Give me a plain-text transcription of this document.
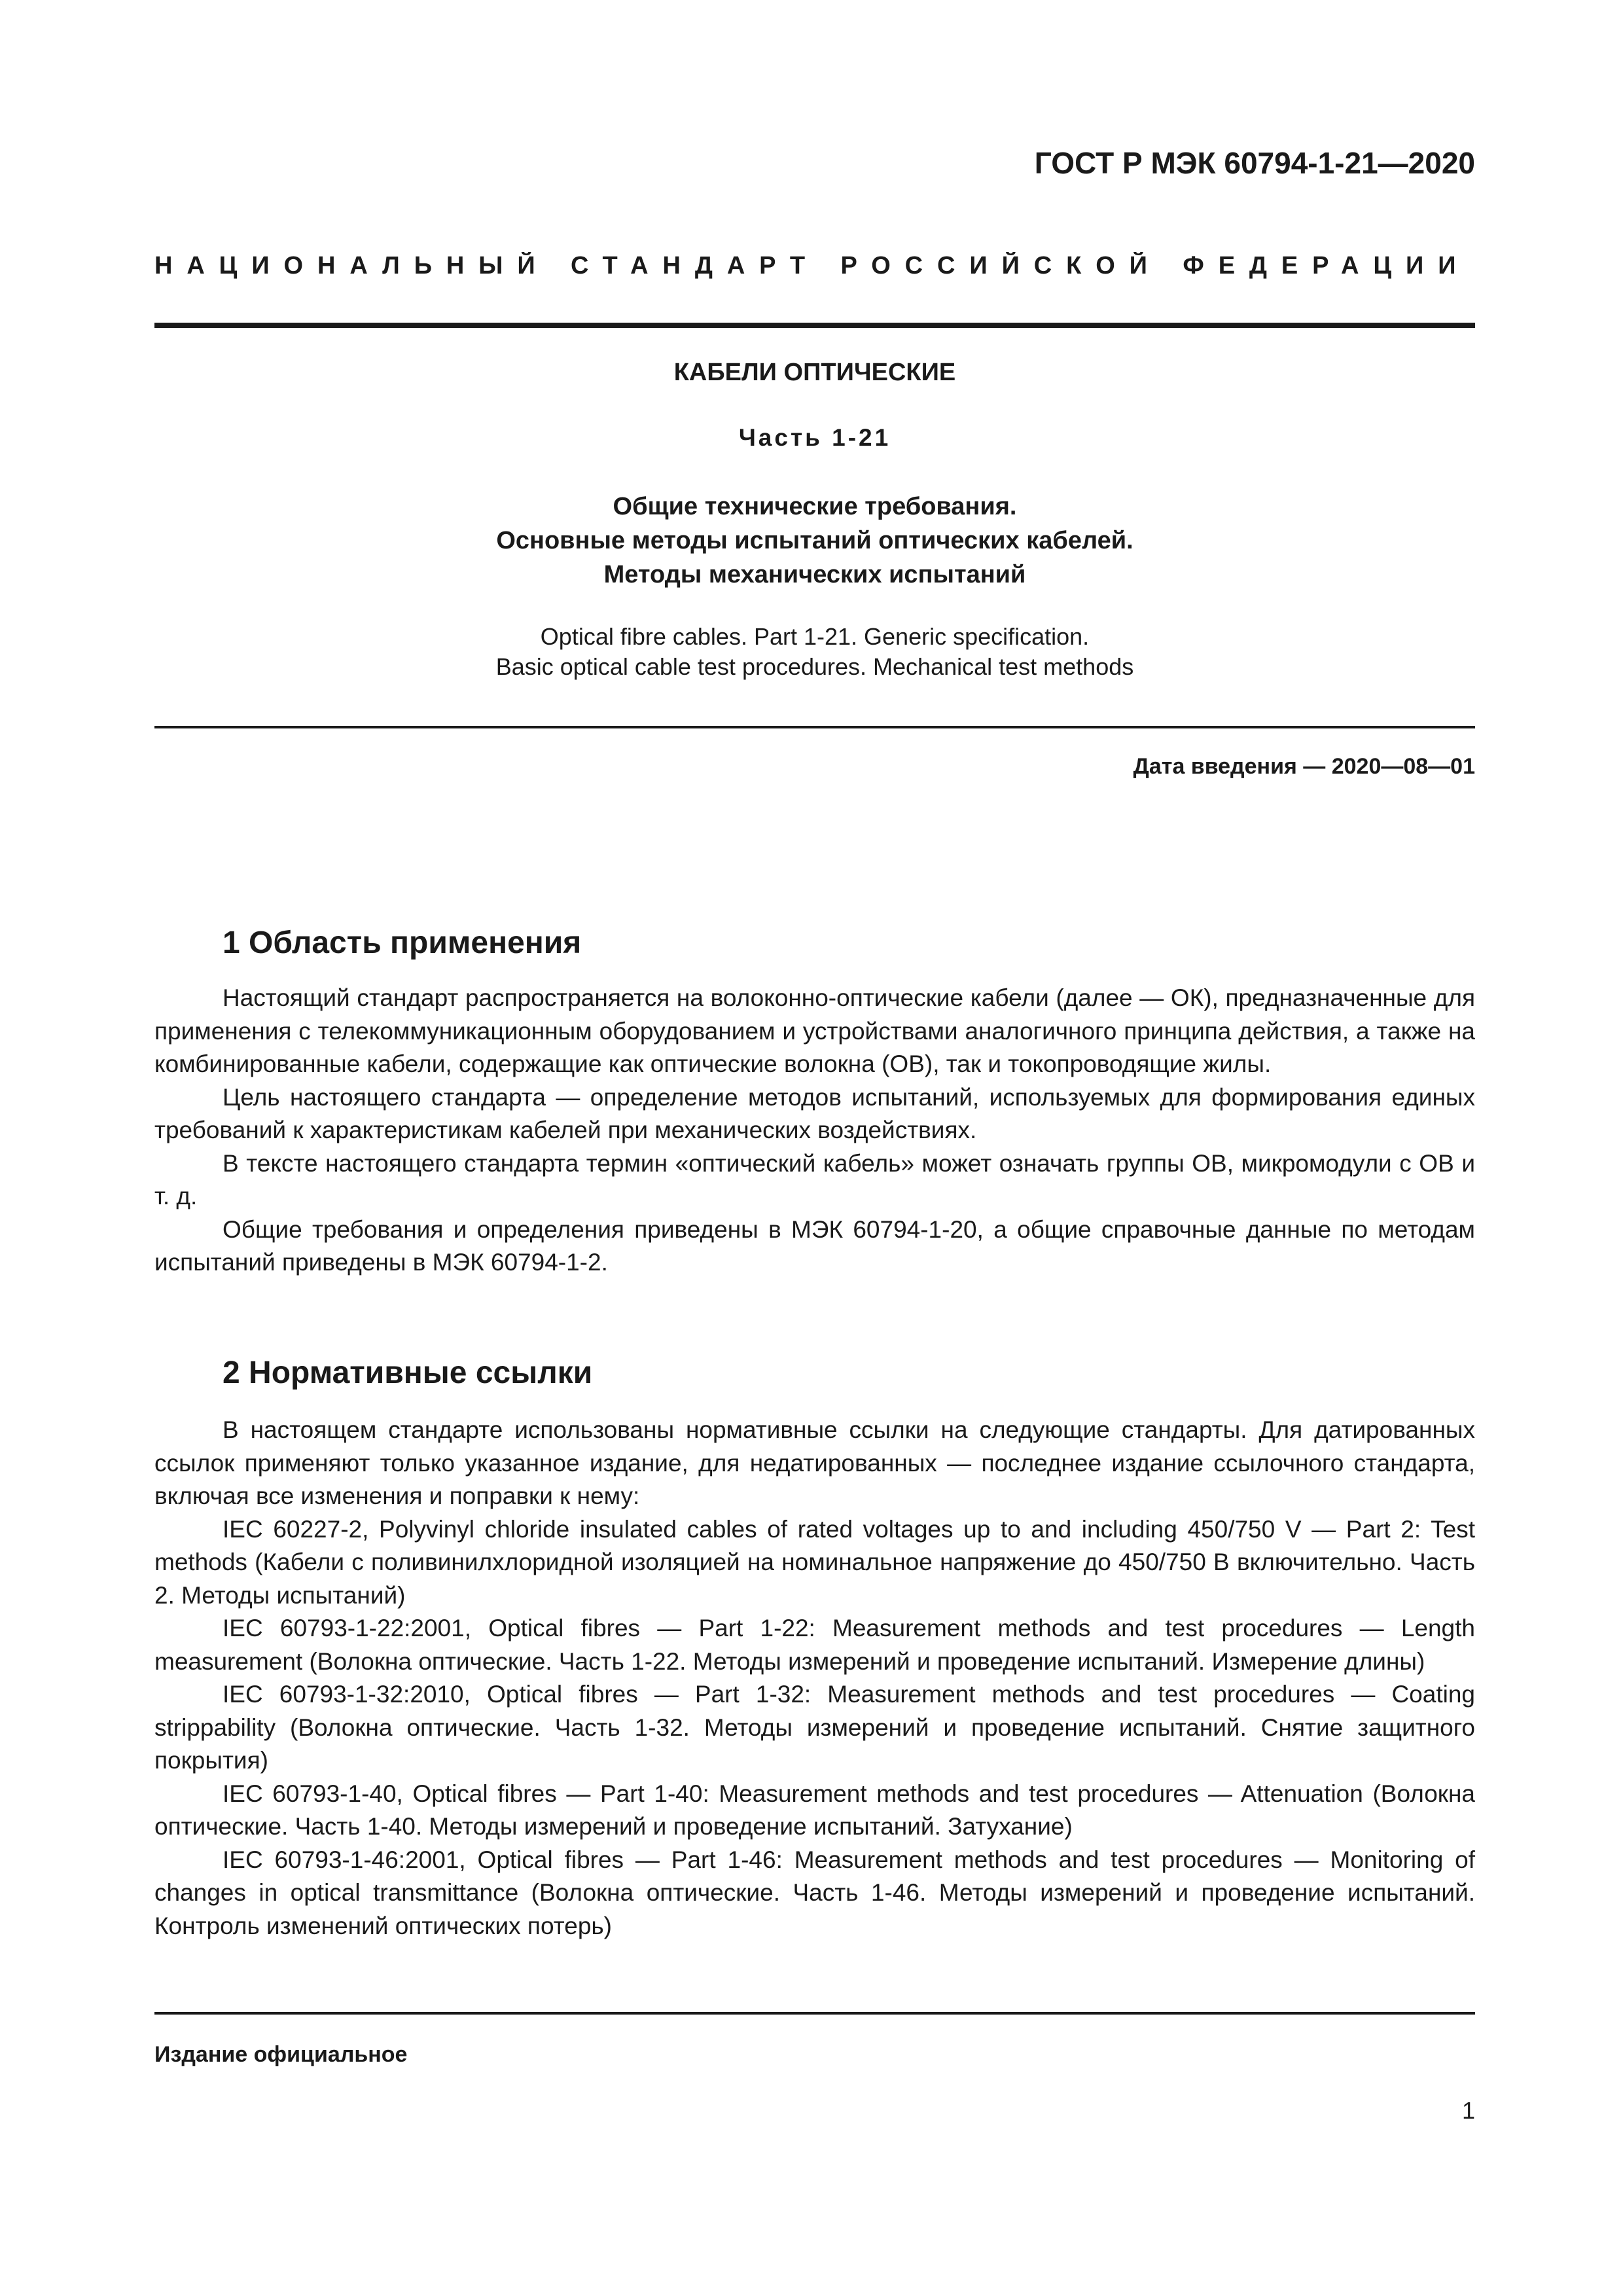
ГОСТ Р МЭК 60794-1-21—2020
НАЦИОНАЛЬНЫЙ СТАНДАРТ РОССИЙСКОЙ ФЕДЕРАЦИИ
КАБЕЛИ ОПТИЧЕСКИЕ
Часть 1-21
Общие технические требования.
Основные методы испытаний оптических кабелей.
Методы механических испытаний
Optical fibre cables. Part 1-21. Generic specification.
Basic optical cable test procedures. Mechanical test methods
Дата введения — 2020—08—01
1 Область применения

Настоящий стандарт распространяется на волоконно-оптические кабели (далее — ОК), предназначенные для применения с телекоммуникационным оборудованием и устройствами аналогичного принципа действия, а также на комбинированные кабели, содержащие как оптические волокна (ОВ), так и токопроводящие жилы.

Цель настоящего стандарта — определение методов испытаний, используемых для формирования единых требований к характеристикам кабелей при механических воздействиях.

В тексте настоящего стандарта термин «оптический кабель» может означать группы ОВ, микромодули с ОВ и т. д.

Общие требования и определения приведены в МЭК 60794-1-20, а общие справочные данные по методам испытаний приведены в МЭК 60794-1-2.

2 Нормативные ссылки

В настоящем стандарте использованы нормативные ссылки на следующие стандарты. Для датированных ссылок применяют только указанное издание, для недатированных — последнее издание ссылочного стандарта, включая все изменения и поправки к нему:

IEC 60227-2, Polyvinyl chloride insulated cables of rated voltages up to and including 450/750 V — Part 2: Test methods (Кабели с поливинилхлоридной изоляцией на номинальное напряжение до 450/750 В включительно. Часть 2. Методы испытаний)

IEC 60793-1-22:2001, Optical fibres — Part 1-22: Measurement methods and test procedures — Length measurement (Волокна оптические. Часть 1-22. Методы измерений и проведение испытаний. Измерение длины)

IEC 60793-1-32:2010, Optical fibres — Part 1-32: Measurement methods and test procedures — Coating strippability (Волокна оптические. Часть 1-32. Методы измерений и проведение испытаний. Снятие защитного покрытия)

IEC 60793-1-40, Optical fibres — Part 1-40: Measurement methods and test procedures — Attenuation (Волокна оптические. Часть 1-40. Методы измерений и проведение испытаний. Затухание)

IEC 60793-1-46:2001, Optical fibres — Part 1-46: Measurement methods and test procedures — Monitoring of changes in optical transmittance (Волокна оптические. Часть 1-46. Методы измерений и проведение испытаний. Контроль изменений оптических потерь)

Издание официальное
1
